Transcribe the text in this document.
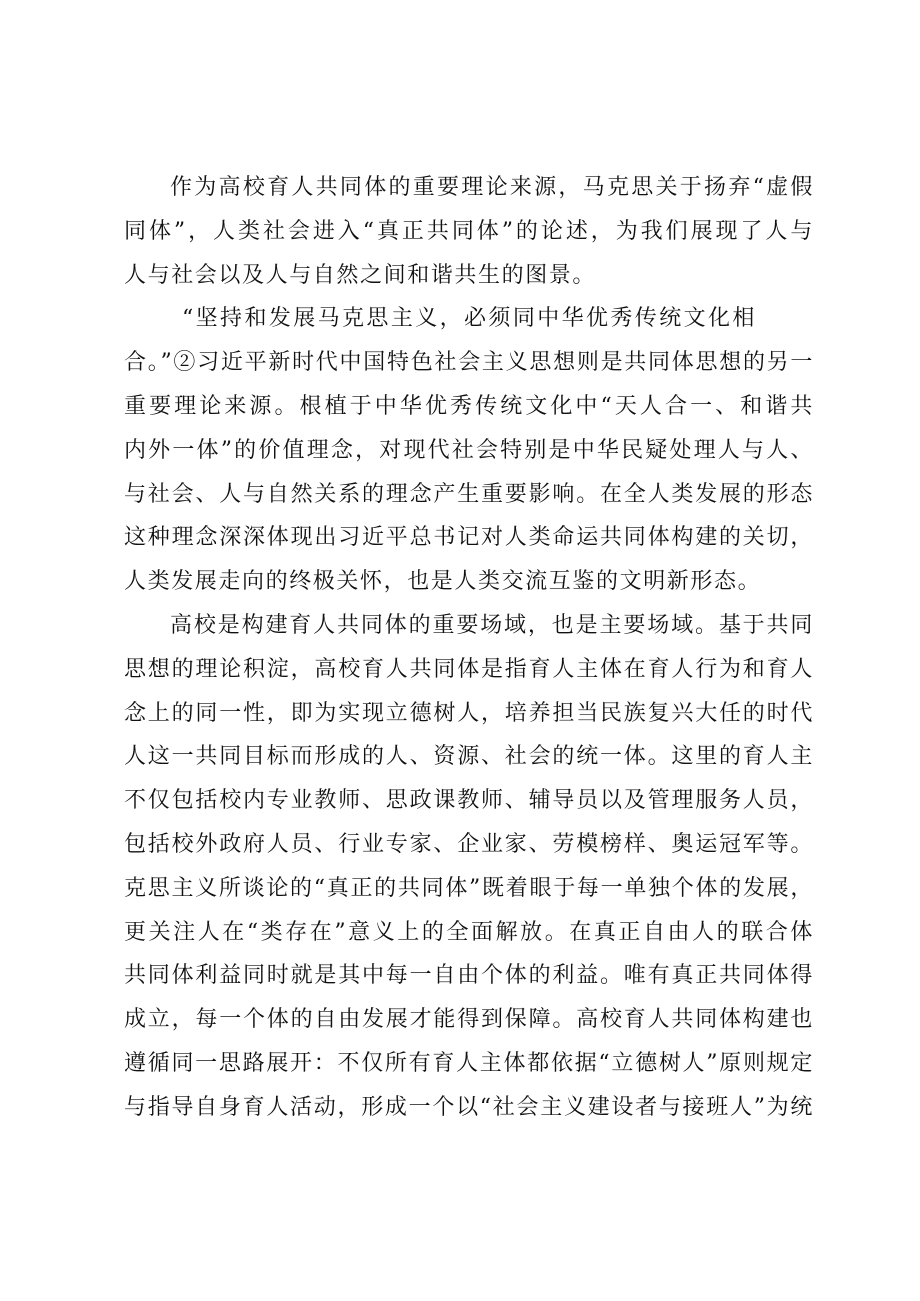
作为高校育人共同体的重要理论来源，马克思关于扬弃“虚假
同体”，人类社会进入“真正共同体”的论述，为我们展现了人与
人与社会以及人与自然之间和谐共生的图景。
“坚持和发展马克思主义，必须同中华优秀传统文化相
合。”②习近平新时代中国特色社会主义思想则是共同体思想的另一
重要理论来源。根植于中华优秀传统文化中“天人合一、和谐共
内外一体”的价值理念，对现代社会特别是中华民疑处理人与人、
与社会、人与自然关系的理念产生重要影响。在全人类发展的形态
这种理念深深体现出习近平总书记对人类命运共同体构建的关切，
人类发展走向的终极关怀，也是人类交流互鉴的文明新形态。
高校是构建育人共同体的重要场域，也是主要场域。基于共同
思想的理论积淀，高校育人共同体是指育人主体在育人行为和育人
念上的同一性，即为实现立德树人，培养担当民族复兴大任的时代
人这一共同目标而形成的人、资源、社会的统一体。这里的育人主
不仅包括校内专业教师、思政课教师、辅导员以及管理服务人员，
包括校外政府人员、行业专家、企业家、劳模榜样、奥运冠军等。
克思主义所谈论的“真正的共同体”既着眼于每一单独个体的发展，
更关注人在“类存在”意义上的全面解放。在真正自由人的联合体
共同体利益同时就是其中每一自由个体的利益。唯有真正共同体得
成立，每一个体的自由发展才能得到保障。高校育人共同体构建也
遵循同一思路展开：不仅所有育人主体都依据“立德树人”原则规定
与指导自身育人活动，形成一个以“社会主义建设者与接班人”为统
